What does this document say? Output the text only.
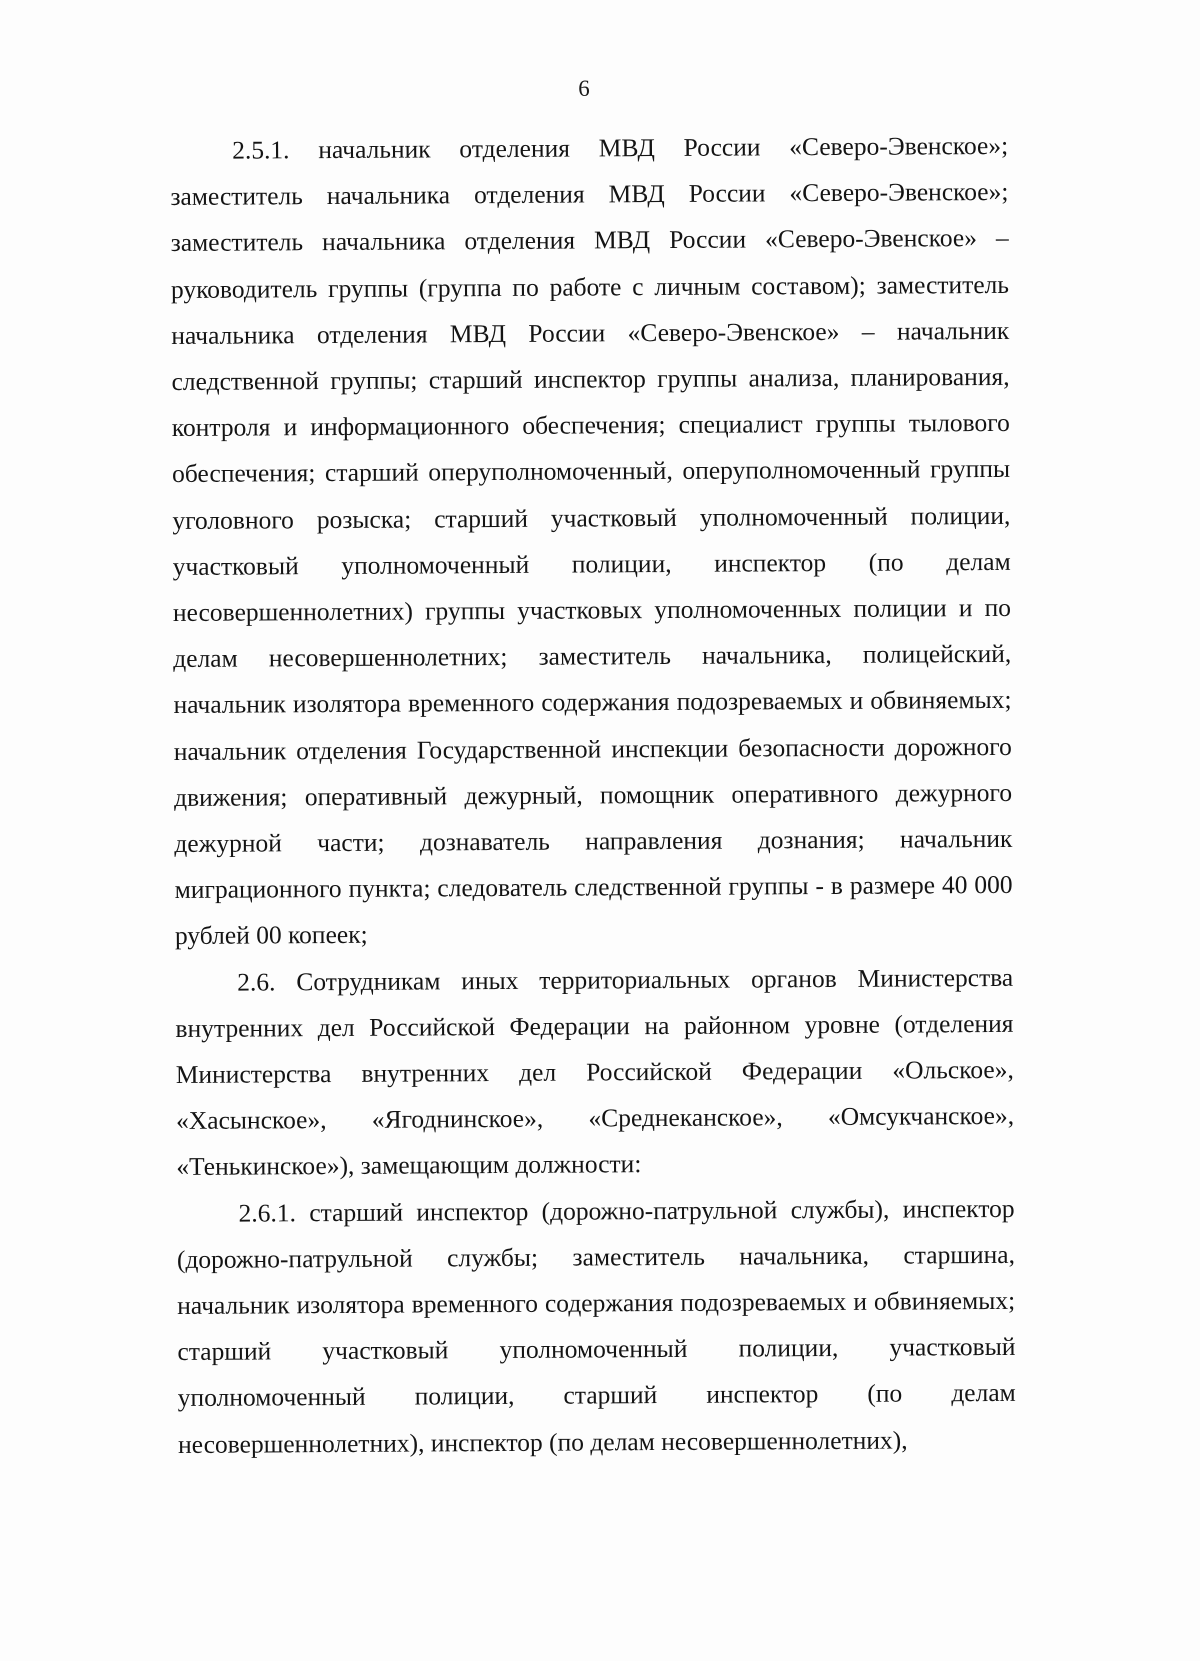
6

2.5.1. начальник отделения МВД России «Северо-Эвенское»; заместитель начальника отделения МВД России «Северо-Эвенское»; заместитель начальника отделения МВД России «Северо-Эвенское» – руководитель группы (группа по работе с личным составом); заместитель начальника отделения МВД России «Северо-Эвенское» – начальник следственной группы; старший инспектор группы анализа, планирования, контроля и информационного обеспечения; специалист группы тылового обеспечения; старший оперуполномоченный, оперуполномоченный группы уголовного розыска; старший участковый уполномоченный полиции, участковый уполномоченный полиции, инспектор (по делам несовершеннолетних) группы участковых уполномоченных полиции и по делам несовершеннолетних; заместитель начальника, полицейский, начальник изолятора временного содержания подозреваемых и обвиняемых; начальник отделения Государственной инспекции безопасности дорожного движения; оперативный дежурный, помощник оперативного дежурного дежурной части; дознаватель направления дознания; начальник миграционного пункта; следователь следственной группы - в размере 40 000 рублей 00 копеек;

2.6. Сотрудникам иных территориальных органов Министерства внутренних дел Российской Федерации на районном уровне (отделения Министерства внутренних дел Российской Федерации «Ольское», «Хасынское», «Ягоднинское», «Среднеканское», «Омсукчанское», «Тенькинское»), замещающим должности:

2.6.1. старший инспектор (дорожно-патрульной службы), инспектор (дорожно-патрульной службы; заместитель начальника, старшина, начальник изолятора временного содержания подозреваемых и обвиняемых; старший участковый уполномоченный полиции, участковый уполномоченный полиции, старший инспектор (по делам несовершеннолетних), инспектор (по делам несовершеннолетних),
